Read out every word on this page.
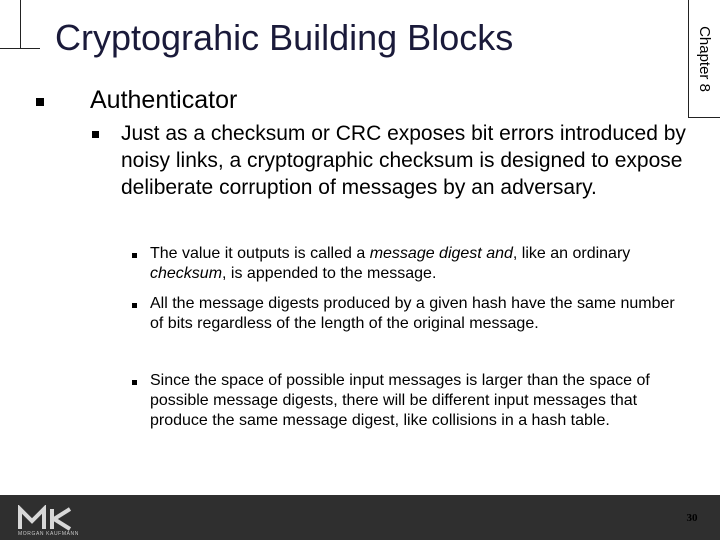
Cryptograhic Building Blocks	Chapter 8
Authenticator
Just as a checksum or CRC exposes bit errors introduced by noisy links, a cryptographic checksum is designed to expose deliberate corruption of messages by an adversary.
The value it outputs is called a message digest and, like an ordinary checksum, is appended to the message.
All the message digests produced by a given hash have the same number of bits regardless of the length of the original message.
Since the space of possible input messages is larger than the space of possible message digests, there will be different input messages that produce the same message digest, like collisions in a hash table.
MORGAN KAUFMANN
30
